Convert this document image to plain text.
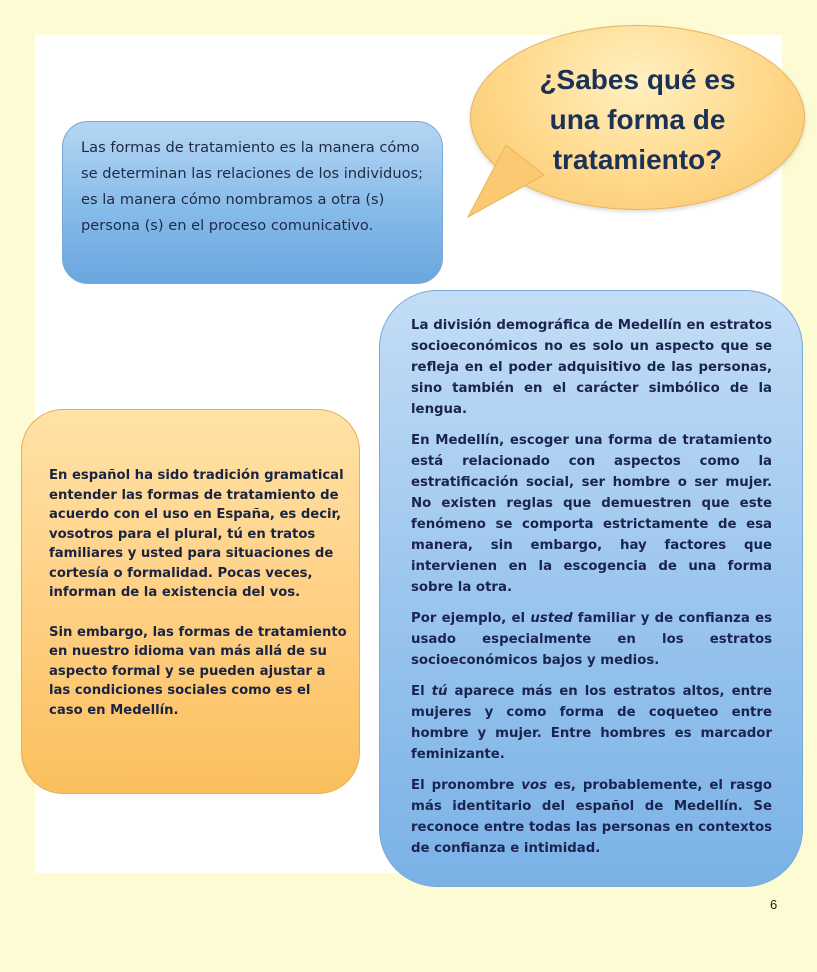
¿Sabes qué es
una forma de
tratamiento?
Las formas de tratamiento es la manera cómo se determinan las relaciones de los individuos; es la manera cómo nombramos a otra (s) persona (s) en el proceso comunicativo.

En español ha sido tradición gramatical entender las formas de tratamiento de acuerdo con el uso en España, es decir, vosotros para el plural, tú en tratos familiares y usted para situaciones de cortesía o formalidad. Pocas veces, informan de la existencia del vos.

Sin embargo, las formas de tratamiento en nuestro idioma van más allá de su aspecto formal y se pueden ajustar a las condiciones sociales como es el caso en Medellín.

La división demográfica de Medellín en estratos socioeconómicos no es solo un aspecto que se refleja en el poder adquisitivo de las personas, sino también en el carácter simbólico de la lengua.

En Medellín, escoger una forma de tratamiento está relacionado con aspectos como la estratificación social, ser hombre o ser mujer. No existen reglas que demuestren que este fenómeno se comporta estrictamente de esa manera, sin embargo, hay factores que intervienen en la escogencia de una forma sobre la otra.

Por ejemplo, el usted familiar y de confianza es usado especialmente en los estratos socioeconómicos bajos y medios.

El tú aparece más en los estratos altos, entre mujeres y como forma de coqueteo entre hombre y mujer. Entre hombres es marcador feminizante.

El pronombre vos es, probablemente, el rasgo más identitario del español de Medellín. Se reconoce entre todas las personas en contextos de confianza e intimidad.

6
